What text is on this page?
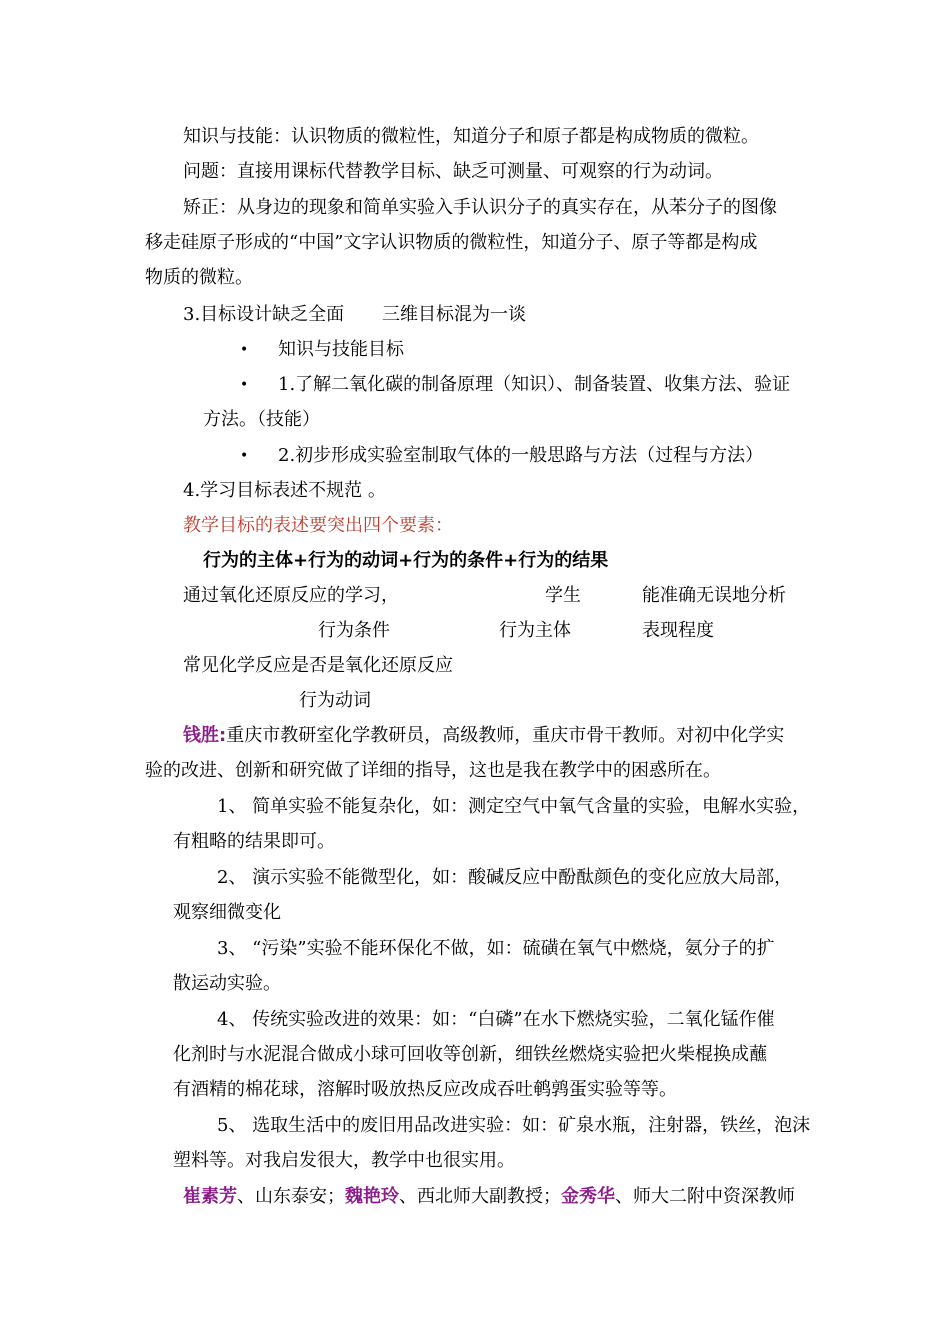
知识与技能：认识物质的微粒性，知道分子和原子都是构成物质的微粒。
问题：直接用课标代替教学目标、缺乏可测量、可观察的行为动词。
矫正：从身边的现象和简单实验入手认识分子的真实存在，从苯分子的图像
移走硅原子形成的“中国”文字认识物质的微粒性，知道分子、原子等都是构成
物质的微粒。
3.目标设计缺乏全面 三维目标混为一谈
• 知识与技能目标
• 1.了解二氧化碳的制备原理（知识）、制备装置、收集方法、验证
方法。（技能）
• 2.初步形成实验室制取气体的一般思路与方法（过程与方法）
4.学习目标表述不规范 。
教学目标的表述要突出四个要素：
行为的主体+行为的动词+行为的条件+行为的结果
通过氧化还原反应的学习，	学生	能准确无误地分析
行为条件	行为主体	表现程度
常见化学反应是否是氧化还原反应
行为动词
钱胜:重庆市教研室化学教研员，高级教师，重庆市骨干教师。对初中化学实
验的改进、创新和研究做了详细的指导，这也是我在教学中的困惑所在。
1、 简单实验不能复杂化，如：测定空气中氧气含量的实验，电解水实验，
有粗略的结果即可。
2、 演示实验不能微型化，如：酸碱反应中酚酞颜色的变化应放大局部，
观察细微变化
3、 “污染”实验不能环保化不做，如：硫磺在氧气中燃烧，氨分子的扩
散运动实验。
4、 传统实验改进的效果：如：“白磷”在水下燃烧实验，二氧化锰作催
化剂时与水泥混合做成小球可回收等创新，细铁丝燃烧实验把火柴棍换成蘸
有酒精的棉花球，溶解时吸放热反应改成吞吐鹌鹑蛋实验等等。
5、 选取生活中的废旧用品改进实验：如：矿泉水瓶，注射器，铁丝，泡沫
塑料等。对我启发很大，教学中也很实用。
崔素芳、山东泰安；魏艳玲、西北师大副教授；金秀华、师大二附中资深教师
